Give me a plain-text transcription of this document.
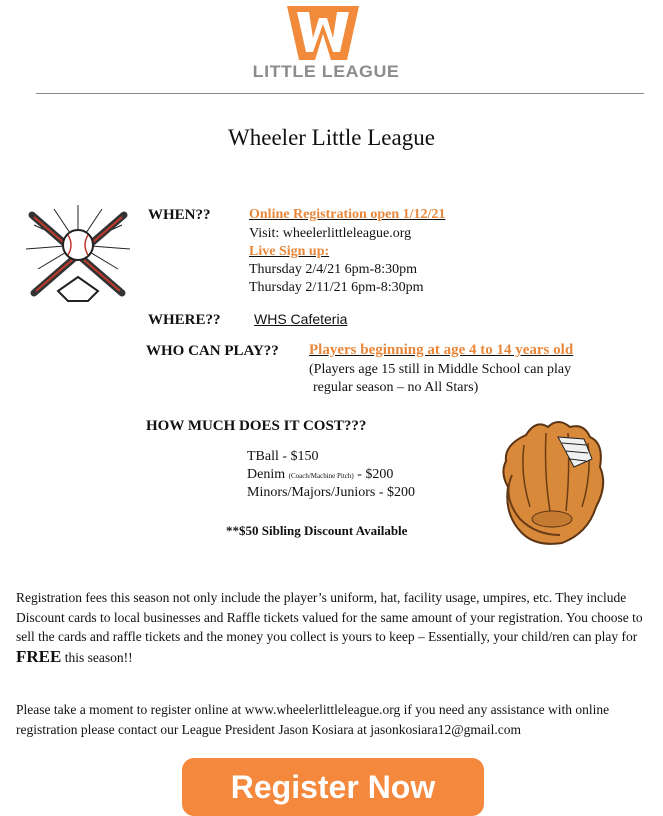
LITTLE LEAGUE
Wheeler Little League
WHEN??	Online Registration open 1/12/21
Visit: wheelerlittleleague.org
Live Sign up:
Thursday 2/4/21 6pm-8:30pm
Thursday 2/11/21 6pm-8:30pm
WHERE?? WHS Cafeteria
WHO CAN PLAY?? Players beginning at age 4 to 14 years old
(Players age 15 still in Middle School can play
regular season – no All Stars)
HOW MUCH DOES IT COST???
TBall - $150
Denim (Coach/Machine Pitch) - $200
Minors/Majors/Juniors - $200
**$50 Sibling Discount Available
Registration fees this season not only include the player’s uniform, hat, facility usage, umpires, etc. They include Discount cards to local businesses and Raffle tickets valued for the same amount of your registration. You choose to sell the cards and raffle tickets and the money you collect is yours to keep – Essentially, your child/ren can play for FREE this season!!
Please take a moment to register online at www.wheelerlittleleague.org if you need any assistance with online registration please contact our League President Jason Kosiara at jasonkosiara12@gmail.com
Register Now
